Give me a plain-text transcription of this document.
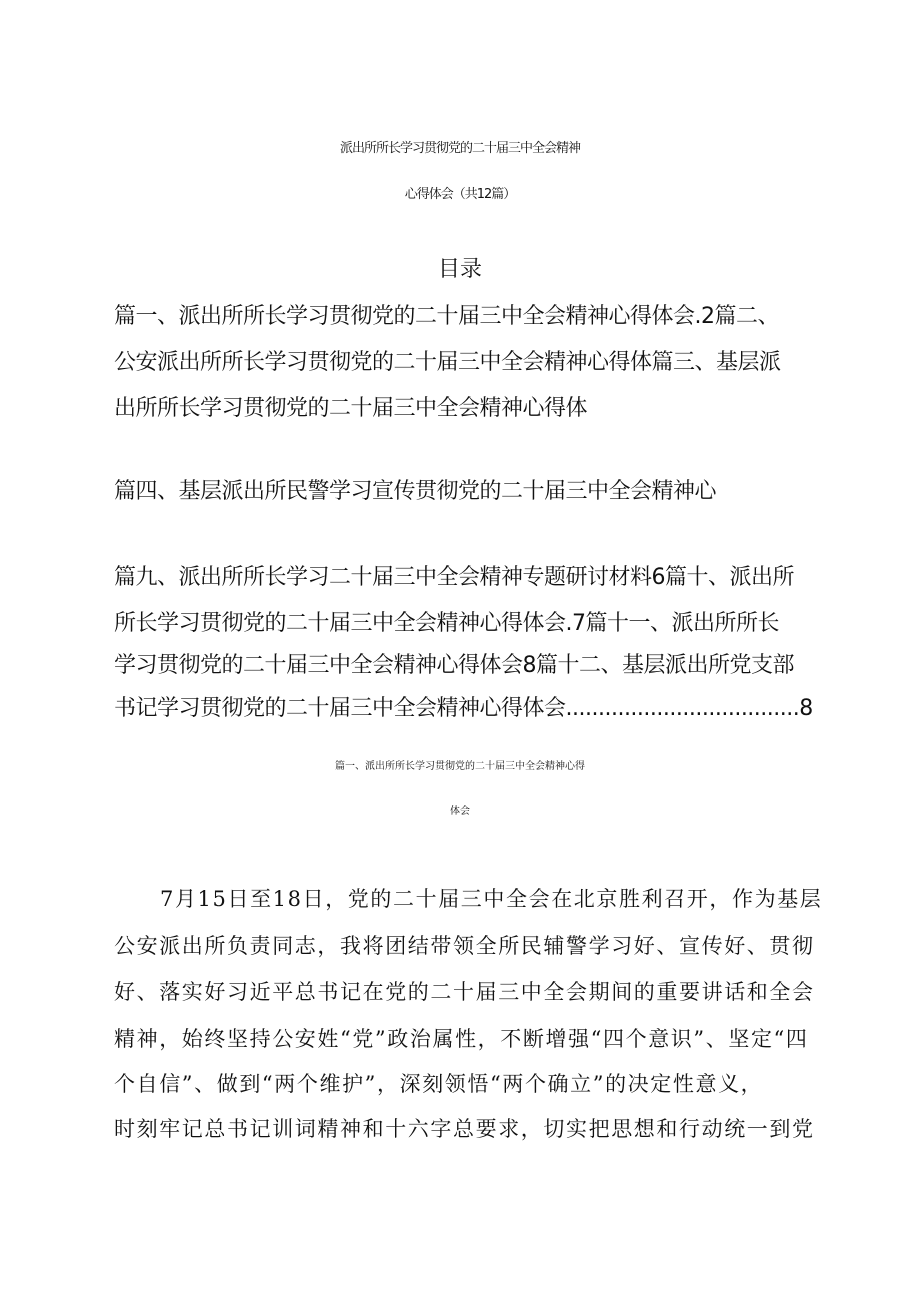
派出所所长学习贯彻党的二十届三中全会精神
心得体会（共12篇）
目录
篇一、派出所所长学习贯彻党的二十届三中全会精神心得体会.2篇二、
公安派出所所长学习贯彻党的二十届三中全会精神心得体篇三、基层派
出所所长学习贯彻党的二十届三中全会精神心得体
篇四、基层派出所民警学习宣传贯彻党的二十届三中全会精神心
篇九、派出所所长学习二十届三中全会精神专题研讨材料6篇十、派出所
所长学习贯彻党的二十届三中全会精神心得体会.7篇十一、派出所所长
学习贯彻党的二十届三中全会精神心得体会8篇十二、基层派出所党支部
书记学习贯彻党的二十届三中全会精神心得体会....................................8
篇一、派出所所长学习贯彻党的二十届三中全会精神心得
体会
7月15日至18日，党的二十届三中全会在北京胜利召开，作为基层
公安派出所负责同志，我将团结带领全所民辅警学习好、宣传好、贯彻
好、落实好习近平总书记在党的二十届三中全会期间的重要讲话和全会
精神，始终坚持公安姓“党”政治属性，不断增强“四个意识”、坚定“四
个自信”、做到“两个维护”，深刻领悟“两个确立”的决定性意义，
时刻牢记总书记训词精神和十六字总要求，切实把思想和行动统一到党
